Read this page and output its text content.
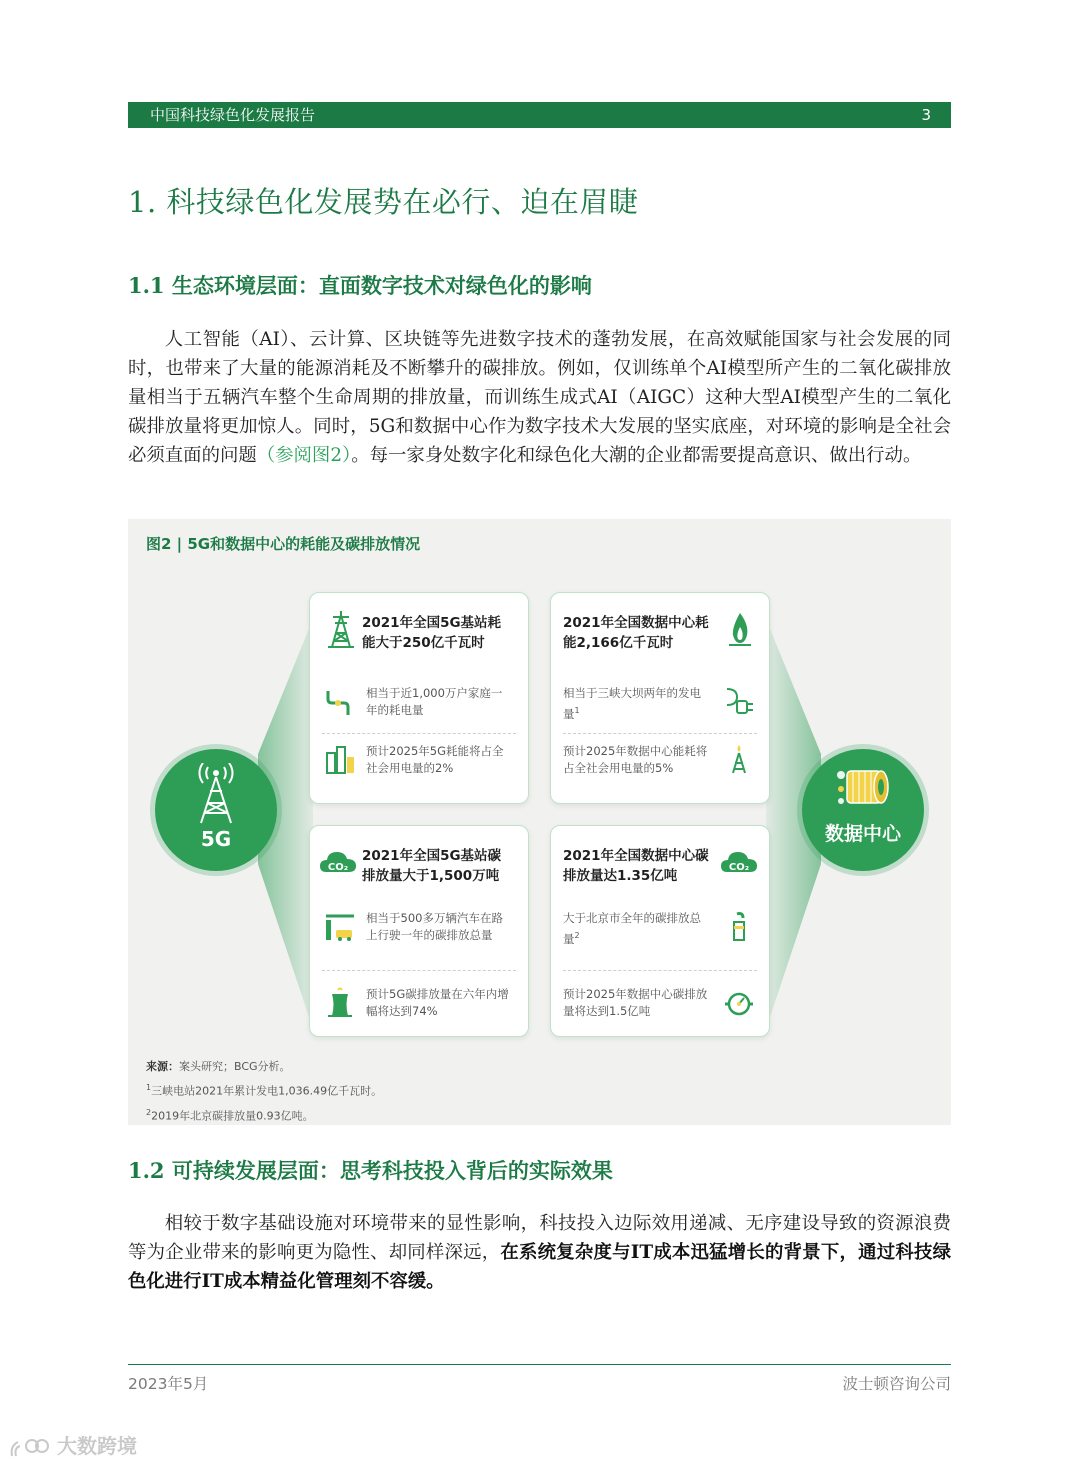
中国科技绿色化发展报告	3
1. 科技绿色化发展势在必行、迫在眉睫
1.1 生态环境层面：直面数字技术对绿色化的影响

人工智能（AI）、云计算、区块链等先进数字技术的蓬勃发展，在高效赋能国家与社会发展的同时，也带来了大量的能源消耗及不断攀升的碳排放。例如，仅训练单个AI模型所产生的二氧化碳排放量相当于五辆汽车整个生命周期的排放量，而训练生成式AI（AIGC）这种大型AI模型产生的二氧化碳排放量将更加惊人。同时，5G和数据中心作为数字技术大发展的坚实底座，对环境的影响是全社会必须直面的问题（参阅图2）。每一家身处数字化和绿色化大潮的企业都需要提高意识、做出行动。

图2 | 5G和数据中心的耗能及碳排放情况
5G	数据中心
2021年全国5G基站耗能大于250亿千瓦时
相当于近1,000万户家庭一年的耗电量
预计2025年5G耗能将占全社会用电量的2%
2021年全国数据中心耗能2,166亿千瓦时
相当于三峡大坝两年的发电量$^1$
预计2025年数据中心能耗将占全社会用电量的5%
CO₂
2021年全国5G基站碳排放量大于1,500万吨
相当于500多万辆汽车在路上行驶一年的碳排放总量
预计5G碳排放量在六年内增幅将达到74%
2021年全国数据中心碳排放量达1.35亿吨
CO₂
大于北京市全年的碳排放总量$^2$
预计2025年数据中心碳排放量将达到1.5亿吨
来源：案头研究；BCG分析。
$^1$三峡电站2021年累计发电1,036.49亿千瓦时。
$^2$2019年北京碳排放量0.93亿吨。
1.2 可持续发展层面：思考科技投入背后的实际效果

相较于数字基础设施对环境带来的显性影响，科技投入边际效用递减、无序建设导致的资源浪费等为企业带来的影响更为隐性、却同样深远，在系统复杂度与IT成本迅猛增长的背景下，通过科技绿色化进行IT成本精益化管理刻不容缓。

2023年5月	波士顿咨询公司
大数跨境
